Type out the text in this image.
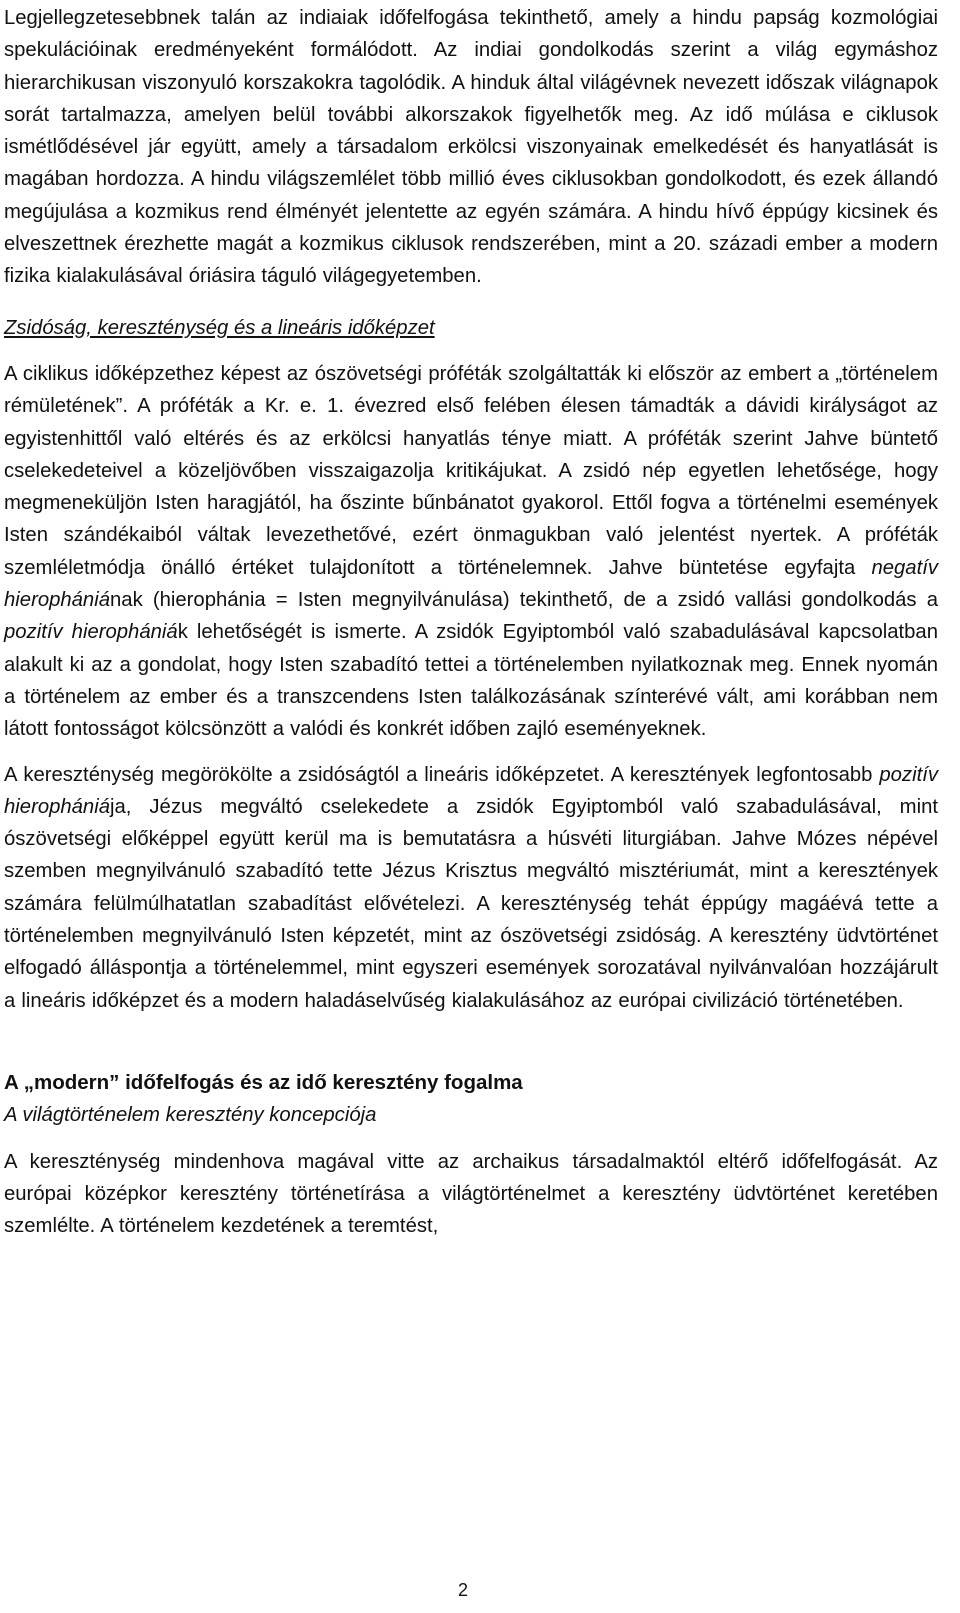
Legjellegzetesebbnek talán az indiaiak időfelfogása tekinthető, amely a hindu papság kozmológiai spekulációinak eredményeként formálódott. Az indiai gondolkodás szerint a világ egymáshoz hierarchikusan viszonyuló korszakokra tagolódik. A hinduk által világévnek nevezett időszak világnapok sorát tartalmazza, amelyen belül további alkorszakok figyelhetők meg. Az idő múlása e ciklusok ismétlődésével jár együtt, amely a társadalom erkölcsi viszonyainak emelkedését és hanyatlását is magában hordozza. A hindu világszemlélet több millió éves ciklusokban gondolkodott, és ezek állandó megújulása a kozmikus rend élményét jelentette az egyén számára. A hindu hívő éppúgy kicsinek és elveszettnek érezhette magát a kozmikus ciklusok rendszerében, mint a 20. századi ember a modern fizika kialakulásával óriásira táguló világegyetemben.

Zsidóság, kereszténység és a lineáris időképzet

A ciklikus időképzethez képest az ószövetségi próféták szolgáltatták ki először az embert a „történelem rémületének”. A próféták a Kr. e. 1. évezred első felében élesen támadták a dávidi királyságot az egyistenhittől való eltérés és az erkölcsi hanyatlás ténye miatt. A próféták szerint Jahve büntető cselekedeteivel a közeljövőben visszaigazolja kritikájukat. A zsidó nép egyetlen lehetősége, hogy megmeneküljön Isten haragjától, ha őszinte bűnbánatot gyakorol. Ettől fogva a történelmi események Isten szándékaiból váltak levezethetővé, ezért önmagukban való jelentést nyertek. A próféták szemléletmódja önálló értéket tulajdonított a történelemnek. Jahve büntetése egyfajta negatív hierophániának (hierophánia = Isten megnyilvánulása) tekinthető, de a zsidó vallási gondolkodás a pozitív hierophániák lehetőségét is ismerte. A zsidók Egyiptomból való szabadulásával kapcsolatban alakult ki az a gondolat, hogy Isten szabadító tettei a történelemben nyilatkoznak meg. Ennek nyomán a történelem az ember és a transzcendens Isten találkozásának színterévé vált, ami korábban nem látott fontosságot kölcsönzött a valódi és konkrét időben zajló eseményeknek.

A kereszténység megörökölte a zsidóságtól a lineáris időképzetet. A keresztények legfontosabb pozitív hierophániája, Jézus megváltó cselekedete a zsidók Egyiptomból való szabadulásával, mint ószövetségi előképpel együtt kerül ma is bemutatásra a húsvéti liturgiában. Jahve Mózes népével szemben megnyilvánuló szabadító tette Jézus Krisztus megváltó misztériumát, mint a keresztények számára felülmúlhatatlan szabadítást elővételezi. A kereszténység tehát éppúgy magáévá tette a történelemben megnyilvánuló Isten képzetét, mint az ószövetségi zsidóság. A keresztény üdvtörténet elfogadó álláspontja a történelemmel, mint egyszeri események sorozatával nyilvánvalóan hozzájárult a lineáris időképzet és a modern haladáselvűség kialakulásához az európai civilizáció történetében.

A „modern” időfelfogás és az idő keresztény fogalma
A világtörténelem keresztény koncepciója

A kereszténység mindenhova magával vitte az archaikus társadalmaktól eltérő időfelfogását. Az európai középkor keresztény történetírása a világtörténelmet a keresztény üdvtörténet keretében szemlélte. A történelem kezdetének a teremtést,

2
